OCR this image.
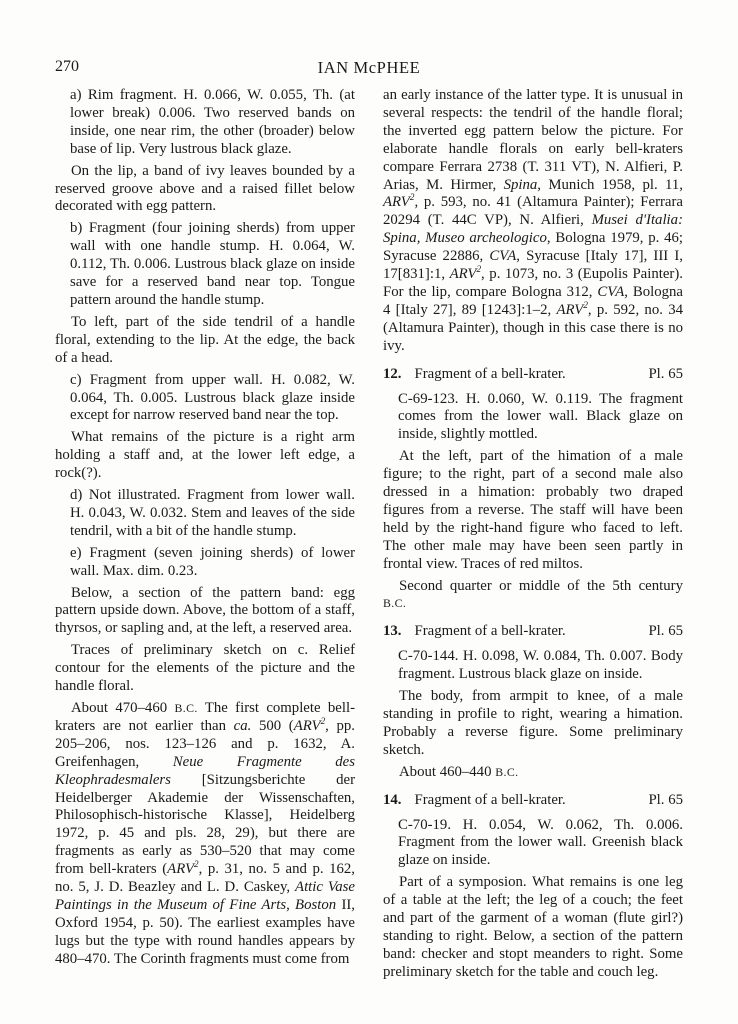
270	IAN McPHEE

a) Rim fragment. H. 0.066, W. 0.055, Th. (at lower break) 0.006. Two reserved bands on inside, one near rim, the other (broader) below base of lip. Very lustrous black glaze.

On the lip, a band of ivy leaves bounded by a reserved groove above and a raised fillet below decorated with egg pattern.

b) Fragment (four joining sherds) from upper wall with one handle stump. H. 0.064, W. 0.112, Th. 0.006. Lustrous black glaze on inside save for a reserved band near top. Tongue pattern around the handle stump.

To left, part of the side tendril of a handle floral, extending to the lip. At the edge, the back of a head.

c) Fragment from upper wall. H. 0.082, W. 0.064, Th. 0.005. Lustrous black glaze inside except for narrow reserved band near the top.

What remains of the picture is a right arm holding a staff and, at the lower left edge, a rock(?).

d) Not illustrated. Fragment from lower wall. H. 0.043, W. 0.032. Stem and leaves of the side tendril, with a bit of the handle stump.

e) Fragment (seven joining sherds) of lower wall. Max. dim. 0.23.

Below, a section of the pattern band: egg pattern upside down. Above, the bottom of a staff, thyrsos, or sapling and, at the left, a reserved area.

Traces of preliminary sketch on c. Relief contour for the elements of the picture and the handle floral.

About 470–460 B.C. The first complete bell-kraters are not earlier than ca. 500 (ARV$^2$, pp. 205–206, nos. 123–126 and p. 1632, A. Greifenhagen, Neue Fragmente des Kleophradesmalers [Sitzungsberichte der Heidelberger Akademie der Wissenschaften, Philosophisch-historische Klasse], Heidelberg 1972, p. 45 and pls. 28, 29), but there are fragments as early as 530–520 that may come from bell-kraters (ARV$^2$, p. 31, no. 5 and p. 162, no. 5, J. D. Beazley and L. D. Caskey, Attic Vase Paintings in the Museum of Fine Arts, Boston II, Oxford 1954, p. 50). The earliest examples have lugs but the type with round handles appears by 480–470. The Corinth fragments must come from

an early instance of the latter type. It is unusual in several respects: the tendril of the handle floral; the inverted egg pattern below the picture. For elaborate handle florals on early bell-kraters compare Ferrara 2738 (T. 311 VT), N. Alfieri, P. Arias, M. Hirmer, Spina, Munich 1958, pl. 11, ARV$^2$, p. 593, no. 41 (Altamura Painter); Ferrara 20294 (T. 44C VP), N. Alfieri, Musei d'Italia: Spina, Museo archeologico, Bologna 1979, p. 46; Syracuse 22886, CVA, Syracuse [Italy 17], III I, 17[831]:1, ARV$^2$, p. 1073, no. 3 (Eupolis Painter). For the lip, compare Bologna 312, CVA, Bologna 4 [Italy 27], 89 [1243]:1–2, ARV$^2$, p. 592, no. 34 (Altamura Painter), though in this case there is no ivy.

12. Fragment of a bell-krater.	Pl. 65

C-69-123. H. 0.060, W. 0.119. The fragment comes from the lower wall. Black glaze on inside, slightly mottled.

At the left, part of the himation of a male figure; to the right, part of a second male also dressed in a himation: probably two draped figures from a reverse. The staff will have been held by the right-hand figure who faced to left. The other male may have been seen partly in frontal view. Traces of red miltos.

Second quarter or middle of the 5th century B.C.

13. Fragment of a bell-krater.	Pl. 65

C-70-144. H. 0.098, W. 0.084, Th. 0.007. Body fragment. Lustrous black glaze on inside.

The body, from armpit to knee, of a male standing in profile to right, wearing a himation. Probably a reverse figure. Some preliminary sketch.

About 460–440 B.C.

14. Fragment of a bell-krater.	Pl. 65

C-70-19. H. 0.054, W. 0.062, Th. 0.006. Fragment from the lower wall. Greenish black glaze on inside.

Part of a symposion. What remains is one leg of a table at the left; the leg of a couch; the feet and part of the garment of a woman (flute girl?) standing to right. Below, a section of the pattern band: checker and stopt meanders to right. Some preliminary sketch for the table and couch leg.
